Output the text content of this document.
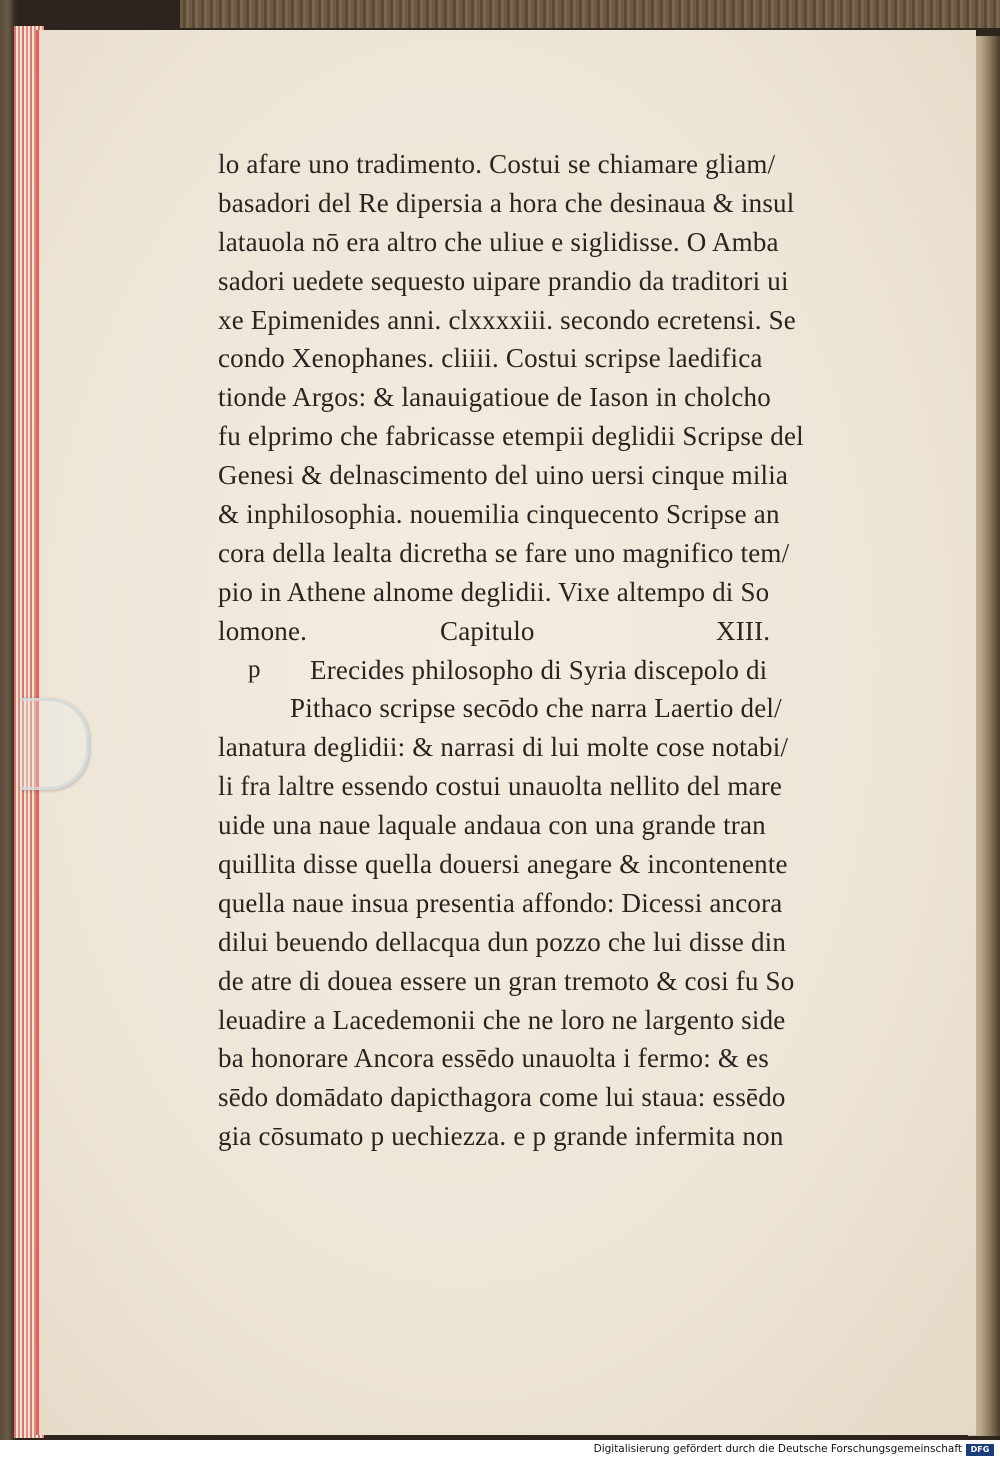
lo afare uno tradimento. Costui se chiamare gliam/
basadori del Re dipersia a hora che desinaua & insul
latauola nō era altro che uliue e siglidisse. O Amba
sadori uedete sequesto uipare prandio da traditori ui
xe Epimenides anni. clxxxxiii. secondo ecretensi. Se
condo Xenophanes. cliiii. Costui scripse laedifica
tionde Argos: & lanauigatioue de Iason in cholcho
fu elprimo che fabricasse etempii deglidii Scripse del
Genesi & delnascimento del uino uersi cinque milia
& inphilosophia. nouemilia cinquecento Scripse an
cora della lealta dicretha se fare uno magnifico tem/
pio in Athene alnome deglidii. Vixe altempo di So
lomone.	Capitulo	XIII.
p Erecides philosopho di Syria discepolo di
Pithaco scripse secōdo che narra Laertio del/
lanatura deglidii: & narrasi di lui molte cose notabi/
li fra laltre essendo costui unauolta nellito del mare
uide una naue laquale andaua con una grande tran
quillita disse quella douersi anegare & incontenente
quella naue insua presentia affondo: Dicessi ancora
dilui beuendo dellacqua dun pozzo che lui disse din
de atre di douea essere un gran tremoto & cosi fu So
leuadire a Lacedemonii che ne loro ne largento side
ba honorare Ancora essēdo unauolta i fermo: & es
sēdo domādato dapicthagora come lui staua: essēdo
gia cōsumato p uechiezza. e p grande infermita non
Digitalisierung gefördert durch die Deutsche Forschungsgemeinschaft	DFG
